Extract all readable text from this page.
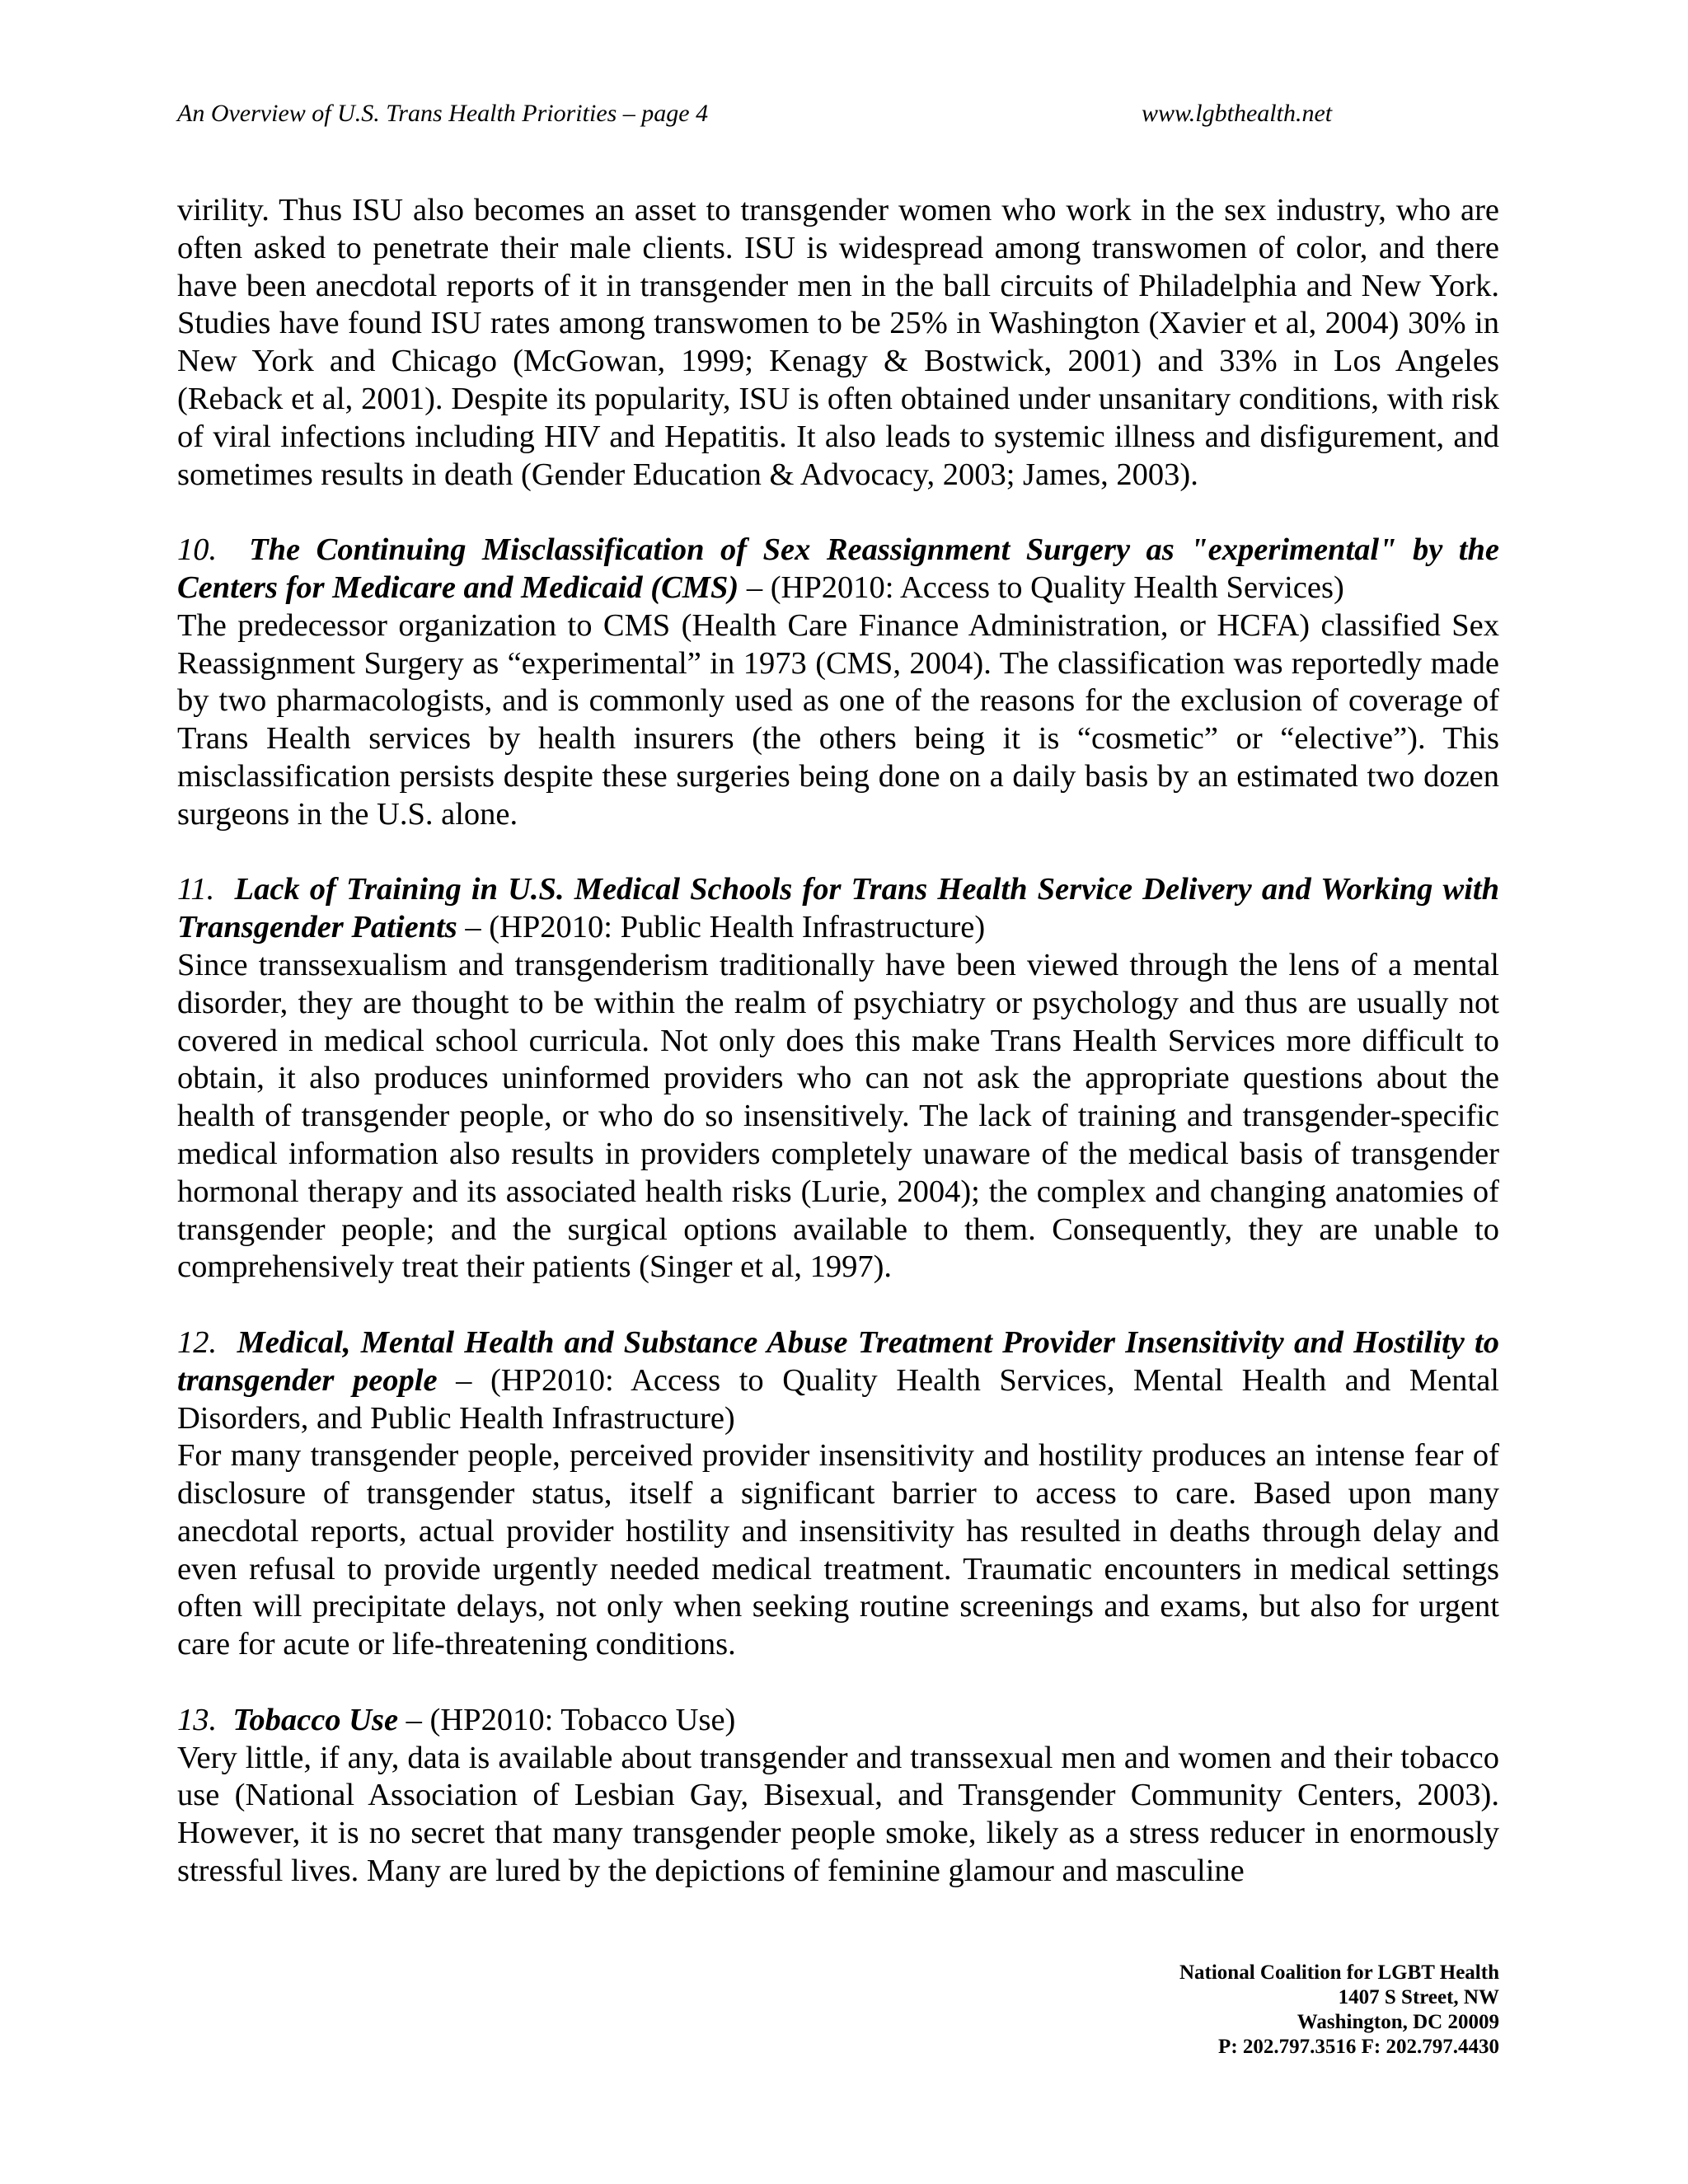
An Overview of U.S. Trans Health Priorities – page 4	www.lgbthealth.net

virility. Thus ISU also becomes an asset to transgender women who work in the sex industry, who are often asked to penetrate their male clients. ISU is widespread among transwomen of color, and there have been anecdotal reports of it in transgender men in the ball circuits of Philadelphia and New York. Studies have found ISU rates among transwomen to be 25% in Washington (Xavier et al, 2004) 30% in New York and Chicago (McGowan, 1999; Kenagy & Bostwick, 2001) and 33% in Los Angeles (Reback et al, 2001). Despite its popularity, ISU is often obtained under unsanitary conditions, with risk of viral infections including HIV and Hepatitis. It also leads to systemic illness and disfigurement, and sometimes results in death (Gender Education & Advocacy, 2003; James, 2003).

10. The Continuing Misclassification of Sex Reassignment Surgery as "experimental" by the Centers for Medicare and Medicaid (CMS) – (HP2010: Access to Quality Health Services)

The predecessor organization to CMS (Health Care Finance Administration, or HCFA) classified Sex Reassignment Surgery as “experimental” in 1973 (CMS, 2004). The classification was reportedly made by two pharmacologists, and is commonly used as one of the reasons for the exclusion of coverage of Trans Health services by health insurers (the others being it is “cosmetic” or “elective”). This misclassification persists despite these surgeries being done on a daily basis by an estimated two dozen surgeons in the U.S. alone.

11. Lack of Training in U.S. Medical Schools for Trans Health Service Delivery and Working with Transgender Patients – (HP2010: Public Health Infrastructure)

Since transsexualism and transgenderism traditionally have been viewed through the lens of a mental disorder, they are thought to be within the realm of psychiatry or psychology and thus are usually not covered in medical school curricula. Not only does this make Trans Health Services more difficult to obtain, it also produces uninformed providers who can not ask the appropriate questions about the health of transgender people, or who do so insensitively. The lack of training and transgender-specific medical information also results in providers completely unaware of the medical basis of transgender hormonal therapy and its associated health risks (Lurie, 2004); the complex and changing anatomies of transgender people; and the surgical options available to them. Consequently, they are unable to comprehensively treat their patients (Singer et al, 1997).

12. Medical, Mental Health and Substance Abuse Treatment Provider Insensitivity and Hostility to transgender people – (HP2010: Access to Quality Health Services, Mental Health and Mental Disorders, and Public Health Infrastructure)

For many transgender people, perceived provider insensitivity and hostility produces an intense fear of disclosure of transgender status, itself a significant barrier to access to care. Based upon many anecdotal reports, actual provider hostility and insensitivity has resulted in deaths through delay and even refusal to provide urgently needed medical treatment. Traumatic encounters in medical settings often will precipitate delays, not only when seeking routine screenings and exams, but also for urgent care for acute or life-threatening conditions.

13. Tobacco Use – (HP2010: Tobacco Use)

Very little, if any, data is available about transgender and transsexual men and women and their tobacco use (National Association of Lesbian Gay, Bisexual, and Transgender Community Centers, 2003). However, it is no secret that many transgender people smoke, likely as a stress reducer in enormously stressful lives. Many are lured by the depictions of feminine glamour and masculine

National Coalition for LGBT Health
1407 S Street, NW
Washington, DC 20009
P: 202.797.3516 F: 202.797.4430
